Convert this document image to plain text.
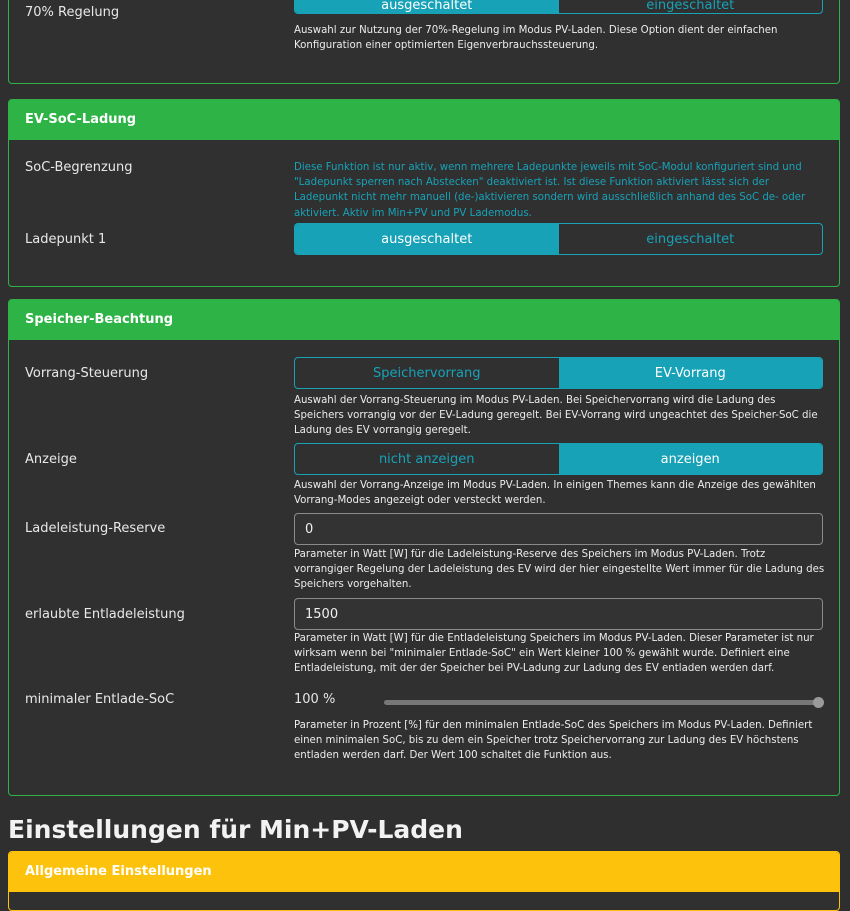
70% Regelung	ausgeschaltet	eingeschaltet
Auswahl zur Nutzung der 70%-Regelung im Modus PV-Laden. Diese Option dient der einfachen Konfiguration einer optimierten Eigenverbrauchssteuerung.
EV-SoC-Ladung
SoC-Begrenzung	Diese Funktion ist nur aktiv, wenn mehrere Ladepunkte jeweils mit SoC-Modul konfiguriert sind und "Ladepunkt sperren nach Abstecken" deaktiviert ist. Ist diese Funktion aktiviert lässt sich der Ladepunkt nicht mehr manuell (de-)aktivieren sondern wird ausschließlich anhand des SoC de- oder aktiviert. Aktiv im Min+PV und PV Lademodus.
Ladepunkt 1	ausgeschaltet	eingeschaltet
Speicher-Beachtung
Vorrang-Steuerung	Speichervorrang	EV-Vorrang
Auswahl der Vorrang-Steuerung im Modus PV-Laden. Bei Speichervorrang wird die Ladung des Speichers vorrangig vor der EV-Ladung geregelt. Bei EV-Vorrang wird ungeachtet des Speicher-SoC die Ladung des EV vorrangig geregelt.
Anzeige	nicht anzeigen	anzeigen
Auswahl der Vorrang-Anzeige im Modus PV-Laden. In einigen Themes kann die Anzeige des gewählten Vorrang-Modes angezeigt oder versteckt werden.
Ladeleistung-Reserve	0
Parameter in Watt [W] für die Ladeleistung-Reserve des Speichers im Modus PV-Laden. Trotz vorrangiger Regelung der Ladeleistung des EV wird der hier eingestellte Wert immer für die Ladung des Speichers vorgehalten.
erlaubte Entladeleistung	1500
Parameter in Watt [W] für die Entladeleistung Speichers im Modus PV-Laden. Dieser Parameter ist nur wirksam wenn bei "minimaler Entlade-SoC" ein Wert kleiner 100 % gewählt wurde. Definiert eine Entladeleistung, mit der der Speicher bei PV-Ladung zur Ladung des EV entladen werden darf.
minimaler Entlade-SoC	100 %
Parameter in Prozent [%] für den minimalen Entlade-SoC des Speichers im Modus PV-Laden. Definiert einen minimalen SoC, bis zu dem ein Speicher trotz Speichervorrang zur Ladung des EV höchstens entladen werden darf. Der Wert 100 schaltet die Funktion aus.
Einstellungen für Min+PV-Laden
Allgemeine Einstellungen
